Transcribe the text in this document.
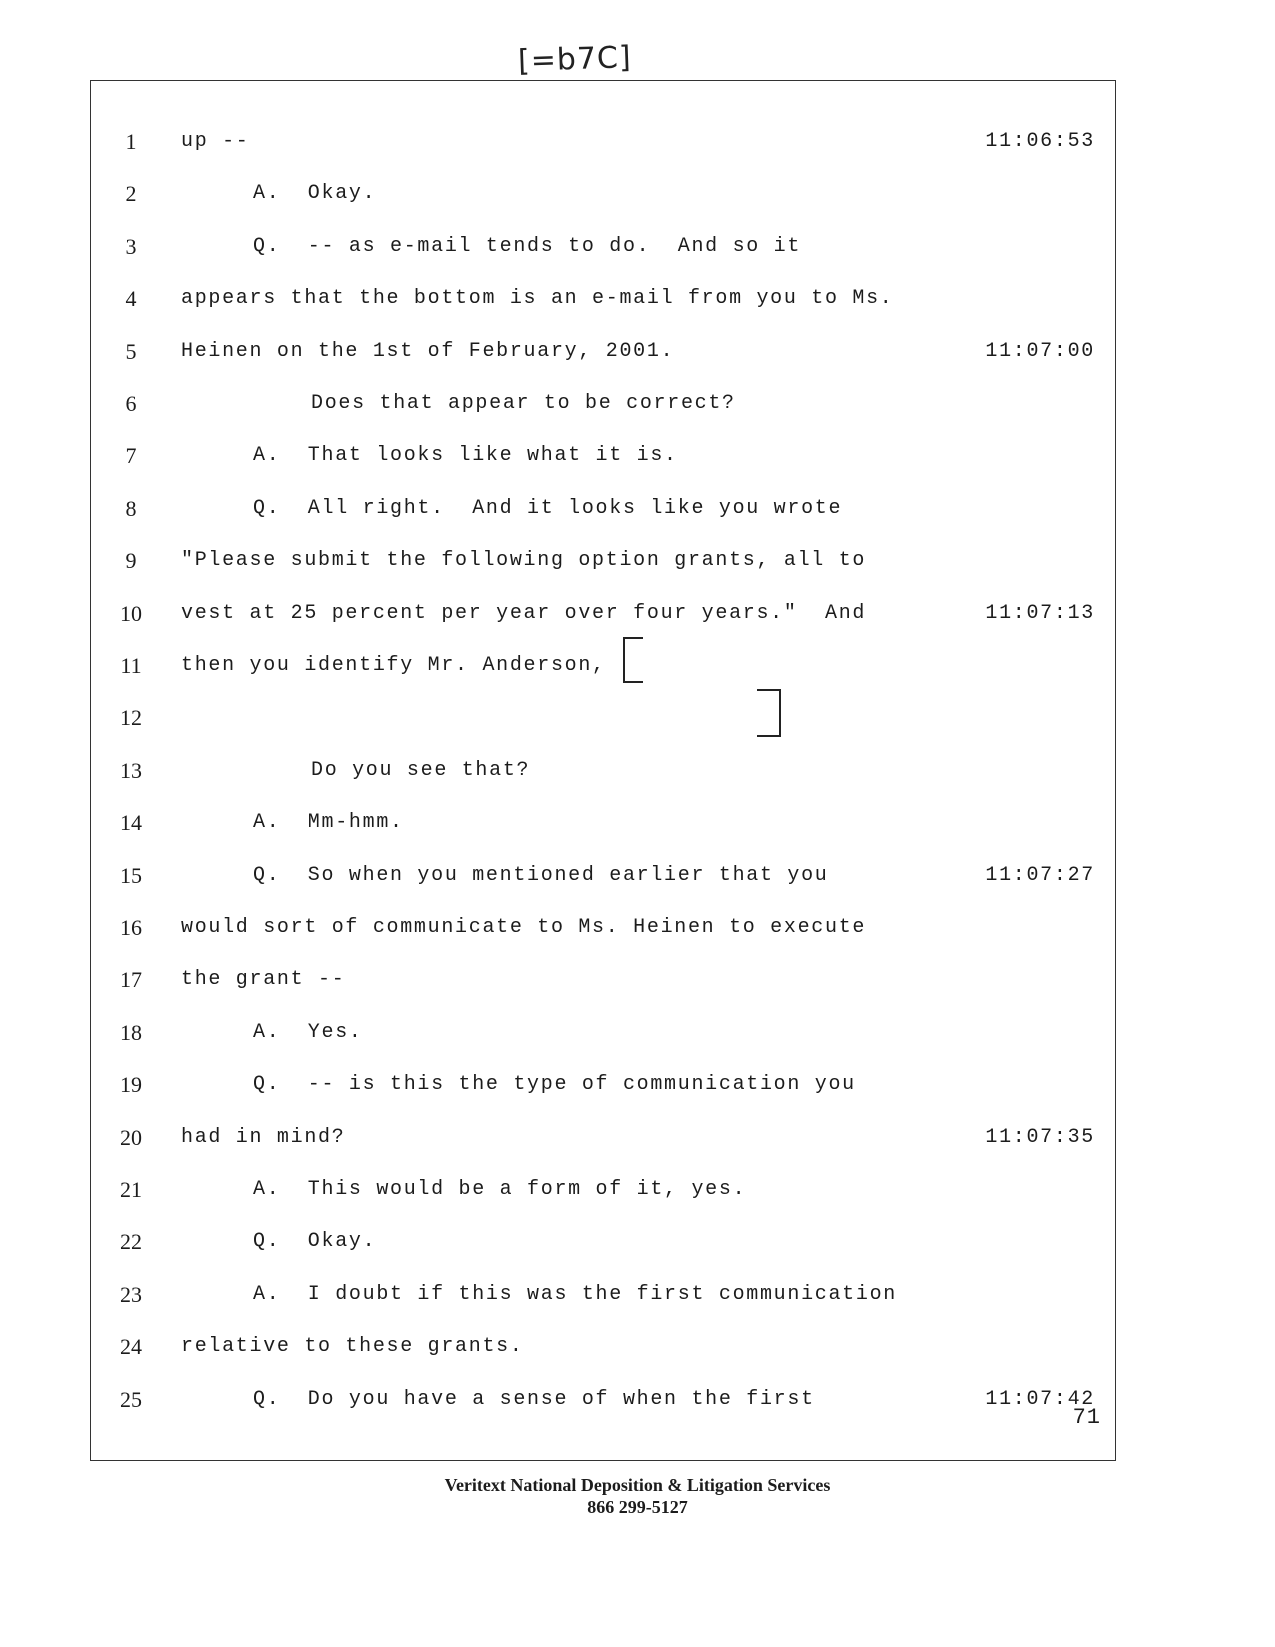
[=b7C]
1	up --	11:06:53
2	A.  Okay.
3	Q.  -- as e-mail tends to do.  And so it
4	appears that the bottom is an e-mail from you to Ms.
5	Heinen on the 1st of February, 2001.	11:07:00
6	Does that appear to be correct?
7	A.  That looks like what it is.
8	Q.  All right.  And it looks like you wrote
9	"Please submit the following option grants, all to
10	vest at 25 percent per year over four years."  And	11:07:13
11	then you identify Mr. Anderson,
12
13	Do you see that?
14	A.  Mm-hmm.
15	Q.  So when you mentioned earlier that you	11:07:27
16	would sort of communicate to Ms. Heinen to execute
17	the grant --
18	A.  Yes.
19	Q.  -- is this the type of communication you
20	had in mind?	11:07:35
21	A.  This would be a form of it, yes.
22	Q.  Okay.
23	A.  I doubt if this was the first communication
24	relative to these grants.
25	Q.  Do you have a sense of when the first	11:07:42
71
Veritext National Deposition & Litigation Services
866 299-5127
